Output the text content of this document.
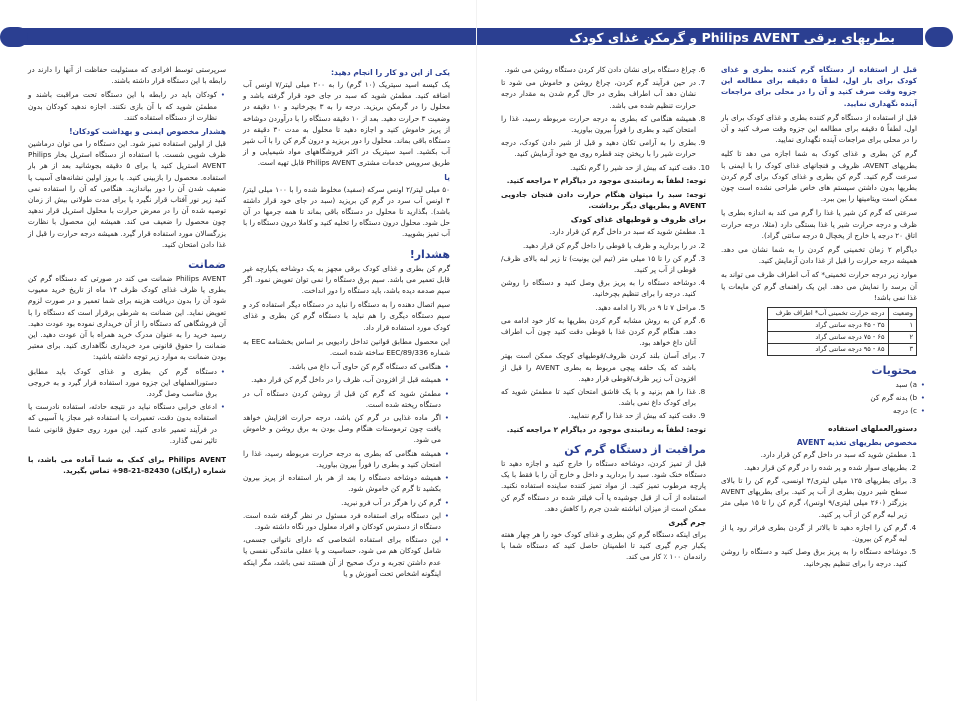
یکی از این دو کار را انجام دهید:

یک کیسه اسید سیتریک (۱۰ گرم) را به ۲۰۰ میلی لیتر/۷ اونس آب اضافه کنید. مطمئن شوید که سبد در جای خود قرار گرفته باشد و محلول را در گرمکن بریزید. درجه را به ۳ بچرخانید و ۱۰ دقیقه در وضعیت ۳ حرارت دهید. بعد از ۱۰ دقیقه دستگاه را با درآوردن دوشاخه از پریز خاموش کنید و اجازه دهید تا محلول به مدت ۳۰ دقیقه در دستگاه باقی بماند. محلول را دور بریزید و درون گرم کن را با آب شیر آب بکشید. اسید سیتریک در اکثر فروشگاههای مواد شیمیایی و از طریق سرویس خدمات مشتری Philips AVENT قابل تهیه است.

یا

۵۰ میلی لیتر/۲ اونس سرکه (سفید) مخلوط شده را با ۱۰۰ میلی لیتر/۴ اونس آب سرد در گرم کن بریزید (سبد در جای خود قرار داشته باشد). بگذارید تا محلول در دستگاه باقی بماند تا همه جرمها در آن حل شود. محلول درون دستگاه را تخلیه کنید و کاملا درون دستگاه را با آب تمیز بشویید.

هشدار!

گرم کن بطری و غذای کودک برقی مجهز به یک دوشاخه یکپارچه غیر قابل تعمیر می باشد. سیم برق دستگاه را نمی توان تعویض نمود. اگر سیم صدمه دیده باشد، باید دستگاه را دور انداخت.

سیم اتصال دهنده را به دستگاه را نباید در دستگاه دیگر استفاده کرد و سیم دستگاه دیگری را هم نباید با دستگاه گرم کن بطری و غذای کودک مورد استفاده قرار داد.

این محصول مطابق قوانین تداخل رادیویی بر اساس بخشنامه EEC به شماره 89/336/EEC ساخته شده است.

• هنگامی که دستگاه گرم کن حاوی آب داغ می باشد.
• همیشه قبل از افزودن آب، ظرف را در داخل گرم کن قرار دهید.
• مطمئن شوید که گرم کن قبل از روشن کردن دستگاه آب در دستگاه ریخته شده است.
• اگر ماده غذایی در گرم کن باشد، درجه حرارت افزایش خواهد یافت چون ترموستات هنگام وصل بودن به برق روشن و خاموش می شود.
• همیشه هنگامی که بطری به درجه حرارت مربوطه رسید، غذا را امتحان کنید و بطری را فوراً بیرون بیاورید.
• همیشه دوشاخه دستگاه را بعد از هر بار استفاده از پریز بیرون بکشید تا گرم کن خاموش شود.
• گرم کن را هرگز در آب فرو نبرید.
• این دستگاه برای استفاده فرد مسئول در نظر گرفته شده است. دستگاه از دسترس کودکان و افراد معلول دور نگاه داشته شود.
• این دستگاه برای استفاده اشخاصی که دارای ناتوانی جسمی، شامل کودکان هم می شود، حساسیت و یا عقلی مانندگی نفسی یا عدم داشتن تجربه و درک صحیح از آن هستند نمی باشد، مگر اینکه اینگونه اشخاص تحت آموزش و یا

سرپرستی توسط افرادی که مسئولیت حفاظت از آنها را دارند در رابطه با این دستگاه قرار داشته باشند.

• کودکان باید در رابطه با این دستگاه تحت مراقبت باشند و مطمئن شوید که با آن بازی نکنند. اجازه ندهید کودکان بدون نظارت از دستگاه استفاده کنند.
هشدار مخصوص ایمنی و بهداشت کودکان!

قبل از اولین استفاده تمیز شود. این دستگاه را می توان درماشین ظرف شویی شست. با استفاده از دستگاه استریل بخار Philips AVENT استریل کنید یا برای ۵ دقیقه بجوشانید بعد از هر بار استفاده. محصول را بازبینی کنید. با بروز اولین نشانه‌های آسیب یا ضعیف شدن آن را دور بیاندازید. هنگامی که آن را استفاده نمی کنید زیر نور آفتاب قرار نگیرد یا برای مدت طولانی بیش از زمان توصیه شده آن را در معرض حرارت با محلول استریل قرار ندهید چون محصول را ضعیف می کند. همیشه این محصول با نظارت بزرگسالان مورد استفاده قرار گیرد. همیشه درجه حرارت را قبل از غذا دادن امتحان کنید.

ضمانت

Philips AVENT ضمانت می کند در صورتی که دستگاه گرم کن بطری یا ظرف غذای کودک ظرف ۱۴ ماه از تاریخ خرید معیوب شود آن را بدون دریافت هزینه برای شما تعمیر و در صورت لزوم تعویض نماید. این ضمانت به شرطی برقرار است که دستگاه را با آن فروشگاهی که دستگاه را از آن خریداری نموده بود عودت دهید. رسید خرید را به عنوان مدرک خرید همراه با آن عودت دهید. این ضمانت را حقوق قانونی مرد خریداری نگاهداری کنید. برای معتبر بودن ضمانت به موارد زیر توجه داشته باشید:

• دستگاه گرم کن بطری و غذای کودک باید مطابق دستورالعملهای این جزوه مورد استفاده قرار گیرد و به خروجی برق مناسب وصل گردد.
• ادعای خرابی دستگاه نباید در نتیجه حادثه، استفاده نادرست یا استفاده بدون دقت، تعمیرات یا استفاده غیر مجاز یا آسیبی که در فرآیند تعمیر عادی کنید. این مورد روی حقوق قانونی شما تاثیر نمی گذارد.

Philips AVENT برای کمک به شما آماده می باشد، با شماره (رایگان) 82430-21-98+ تماس بگیرید.

بطریهای برقی Philips AVENT و گرمکن غذای کودک

قبل از استفاده از دستگاه گرم کننده بطری و غذای کودک برای بار اول، لطفاً ۵ دقیقه برای مطالعه این جزوه وقت صرف کنید و آن را در محلی برای مراجعات آینده نگهداری نمایید.

قبل از استفاده از دستگاه گرم کننده بطری و غذای کودک برای بار اول، لطفاً ۵ دقیقه برای مطالعه این جزوه وقت صرف کنید و آن را در محلی برای مراجعات آینده نگهداری نمایید.

گرم کن بطری و غذای کودک به شما اجازه می دهد تا کلیه بطریهای AVENT، ظروف و فنجانهای غذای کودک را با ایمنی با سرعت گرم کنید. گرم کن بطری و غذای کودک برای گرم کردن بطریها بدون داشتن سیستم های خاص طراحی نشده است چون ممکن است ویتامینها را بین ببرد.

سرعتی که گرم کن شیر یا غذا را گرم می کند به اندازه بطری یا ظرف و درجه حرارت شیر یا غذا بستگی دارد (مثلا، درجه حرارت اتاق ۲۰ درجه یا خارج از یخچال ۵ درجه سانتی گراد).

دیاگرام ۲ زمان تخمینی گرم کردن را به شما نشان می دهد. همیشه درجه حرارت را قبل از غذا دادن آزمایش کنید.

موارد زیر درجه حرارت تخمینی* که آب اطراف ظرف می تواند به آن برسد را نمایش می دهد. این یک راهنمای گرم کن مایعات یا غذا نمی باشد!

وضعیت	درجه حرارت تخمینی آب* اطراف ظرف
۱	۳۵ - ۴۵ درجه سانتی گراد
۲	۶۵ - ۷۵ درجه سانتی گراد
۳	۸۵ - ۹۵ درجه سانتی گراد
محتویات
• a) سبد
• b) بدنه گرم کن
• c) درجه
دستورالعملهای استفاده
مخصوص بطریهای تغذیه AVENT
1. مطمئن شوید که سبد در داخل گرم کن قرار دارد.
2. بطریهای سوار شده و پر شده را در گرم کن قرار دهید.
3. برای بطریهای ۱۲۵ میلی لیتری/۴ اونسی، گرم کن را تا بالای سطح شیر درون بطری از آب پر کنید. برای بطریهای AVENT بزرگتر (۲۶۰ میلی لیتری/۹ اونس)، گرم کن را تا ۱۵ میلی متر زیر لبه گرم کن از آب پر کنید.
4. گرم کن را اجازه دهید تا بالاتر از گردن بطری فراتر رود یا از لبه گرم کن بیرون.
5. دوشاخه دستگاه را به پریز برق وصل کنید و دستگاه را روشن کنید. درجه را برای تنظیم بچرخانید.
6. چراغ دستگاه برای نشان دادن کار کردن دستگاه روشن می شود.
7. در حین فرآیند گرم کردن، چراغ روشن و خاموش می شود تا نشان دهد آب اطراف بطری در حال گرم شدن به مقدار درجه حرارت تنظیم شده می باشد.
8. همیشه هنگامی که بطری به درجه حرارت مربوطه رسید، غذا را امتحان کنید و بطری را فوراً بیرون بیاورید.
9. بطری را به آرامی تکان دهید و قبل از شیر دادن کودک، درجه حرارت شیر را با ریختن چند قطره روی مچ خود آزمایش کنید.
10. دقت کنید که بیش از حد شیر را گرم نکنید.

توجه: لطفاً به زمانبندی موجود در دیاگرام ۲ مراجعه کنید.

توجه: سبد را میتوان هنگام حرارت دادن فنجان جادویی AVENT و بطریهای دیگر برداشت.

برای ظروف و قوطیهای غذای کودک
1. مطمئن شوید که سبد در داخل گرم کن قرار دارد.
2. در را بردارید و ظرف یا قوطی را داخل گرم کن قرار دهید.
3. گرم کن را تا ۱۵ میلی متر (تیم این یونیت) تا زیر لبه بالای ظرف/قوطی از آب پر کنید.
4. دوشاخه دستگاه را به پریز برق وصل کنید و دستگاه را روشن کنید. درجه را برای تنظیم بچرخانید.
5. مراحل ۷ تا ۹ در بالا را ادامه دهید.
6. گرم کن به روش مشابه گرم کردن بطریها به کار خود ادامه می دهد. هنگام گرم کردن غذا با قوطی دقت کنید چون آب اطراف آنان داغ خواهد بود.
7. برای آسان بلند کردن ظروف/قوطیهای کوچک ممکن است بهتر باشد که یک حلقه پیچی مربوط به بطری AVENT را قبل از افزودن آب زیر ظرف/قوطی قرار دهید.
8. غذا را هم بزنید و با یک قاشق امتحان کنید تا مطمئن شوید که برای کودک داغ نمی باشد.
9. دقت کنید که بیش از حد غذا را گرم ننمایید.

توجه: لطفاً به زمانبندی موجود در دیاگرام ۲ مراجعه کنید.

مراقبت از دستگاه گرم کن

قبل از تمیز کردن، دوشاخه دستگاه را خارج کنید و اجازه دهید تا دستگاه خنک شود. سبد را بردارید و داخل و خارج آن را با فقط با یک پارچه مرطوب تمیز کنید. از مواد تمیز کننده ساینده استفاده نکنید. استفاده از آب از قبل جوشیده یا آب فیلتر شده در دستگاه گرم کن ممکن است از میزان انباشته شدن جرم را کاهش دهد.

جرم گیری

برای اینکه دستگاه گرم کن بطری و غذای کودک خود را هر چهار هفته یکبار جرم گیری کنید تا اطمینان حاصل کنید که دستگاه شما با راندمان ۱۰۰ ٪ کار می کند.
